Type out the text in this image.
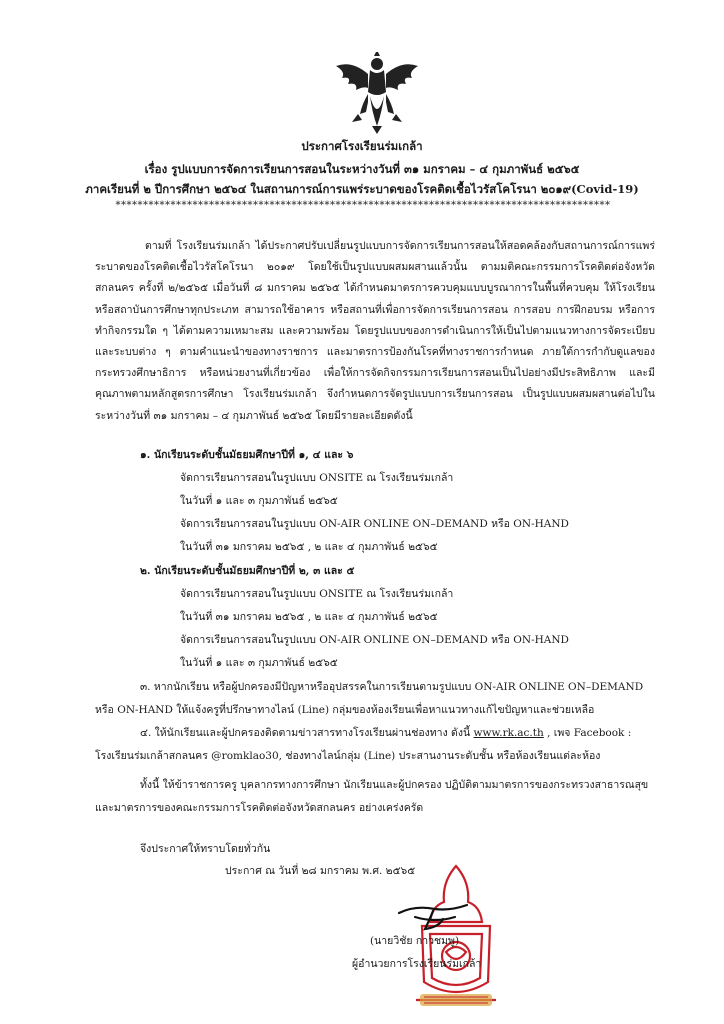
ประกาศโรงเรียนร่มเกล้า
เรื่อง รูปแบบการจัดการเรียนการสอนในระหว่างวันที่ ๓๑ มกราคม – ๔ กุมภาพันธ์ ๒๕๖๕
ภาคเรียนที่ ๒ ปีการศึกษา ๒๕๖๔ ในสถานการณ์การแพร่ระบาดของโรคติดเชื้อไวรัสโคโรนา ๒๐๑๙(Covid-19)
******************************************************************************************
ตามที่ โรงเรียนร่มเกล้า ได้ประกาศปรับเปลี่ยนรูปแบบการจัดการเรียนการสอนให้สอดคล้องกับสถานการณ์การแพร่ระบาดของโรคติดเชื้อไวรัสโคโรนา ๒๐๑๙ โดยใช้เป็นรูปแบบผสมผสานแล้วนั้น ตามมติคณะกรรมการโรคติดต่อจังหวัดสกลนคร ครั้งที่ ๒/๒๕๖๕ เมื่อวันที่ ๘ มกราคม ๒๕๖๕ ได้กำหนดมาตรการควบคุมแบบบูรณาการในพื้นที่ควบคุม ให้โรงเรียน หรือสถาบันการศึกษาทุกประเภท สามารถใช้อาคาร หรือสถานที่เพื่อการจัดการเรียนการสอน การสอบ การฝึกอบรม หรือการทำกิจกรรมใด ๆ ได้ตามความเหมาะสม และความพร้อม โดยรูปแบบของการดำเนินการให้เป็นไปตามแนวทางการจัดระเบียบ และระบบต่าง ๆ ตามคำแนะนำของทางราชการ และมาตรการป้องกันโรคที่ทางราชการกำหนด ภายใต้การกำกับดูแลของกระทรวงศึกษาธิการ หรือหน่วยงานที่เกี่ยวข้อง เพื่อให้การจัดกิจกรรมการเรียนการสอนเป็นไปอย่างมีประสิทธิภาพ และมีคุณภาพตามหลักสูตรการศึกษา โรงเรียนร่มเกล้า จึงกำหนดการจัดรูปแบบการเรียนการสอน เป็นรูปแบบผสมผสานต่อไปในระหว่างวันที่ ๓๑ มกราคม – ๔ กุมภาพันธ์ ๒๕๖๕ โดยมีรายละเอียดดังนี้
๑. นักเรียนระดับชั้นมัธยมศึกษาปีที่ ๑, ๔ และ ๖
จัดการเรียนการสอนในรูปแบบ ONSITE ณ โรงเรียนร่มเกล้า
ในวันที่ ๑ และ ๓ กุมภาพันธ์ ๒๕๖๕
จัดการเรียนการสอนในรูปแบบ ON-AIR ONLINE ON–DEMAND หรือ ON-HAND
ในวันที่ ๓๑ มกราคม ๒๕๖๕ , ๒ และ ๔ กุมภาพันธ์ ๒๕๖๕
๒. นักเรียนระดับชั้นมัธยมศึกษาปีที่ ๒, ๓ และ ๕
จัดการเรียนการสอนในรูปแบบ ONSITE ณ โรงเรียนร่มเกล้า
ในวันที่ ๓๑ มกราคม ๒๕๖๕ , ๒ และ ๔ กุมภาพันธ์ ๒๕๖๕
จัดการเรียนการสอนในรูปแบบ ON-AIR ONLINE ON–DEMAND หรือ ON-HAND
ในวันที่ ๑ และ ๓ กุมภาพันธ์ ๒๕๖๕
๓. หากนักเรียน หรือผู้ปกครองมีปัญหาหรืออุปสรรคในการเรียนตามรูปแบบ ON-AIR ONLINE ON–DEMAND
หรือ ON-HAND ให้แจ้งครูที่ปรึกษาทางไลน์ (Line) กลุ่มของห้องเรียนเพื่อหาแนวทางแก้ไขปัญหาและช่วยเหลือ
๔. ให้นักเรียนและผู้ปกครองติดตามข่าวสารทางโรงเรียนผ่านช่องทาง ดังนี้ www.rk.ac.th , เพจ Facebook :
โรงเรียนร่มเกล้าสกลนคร @romklao30, ช่องทางไลน์กลุ่ม (Line) ประสานงานระดับชั้น หรือห้องเรียนแต่ละห้อง
ทั้งนี้ ให้ข้าราชการครู บุคลากรทางการศึกษา นักเรียนและผู้ปกครอง ปฏิบัติตามมาตรการของกระทรวงสาธารณสุข
และมาตรการของคณะกรรมการโรคติดต่อจังหวัดสกลนคร อย่างเคร่งครัด
จึงประกาศให้ทราบโดยทั่วกัน
ประกาศ ณ วันที่ ๒๘ มกราคม พ.ศ. ๒๕๖๕
(นายวิชัย กาวชมพู)
ผู้อำนวยการโรงเรียนร่มเกล้า
